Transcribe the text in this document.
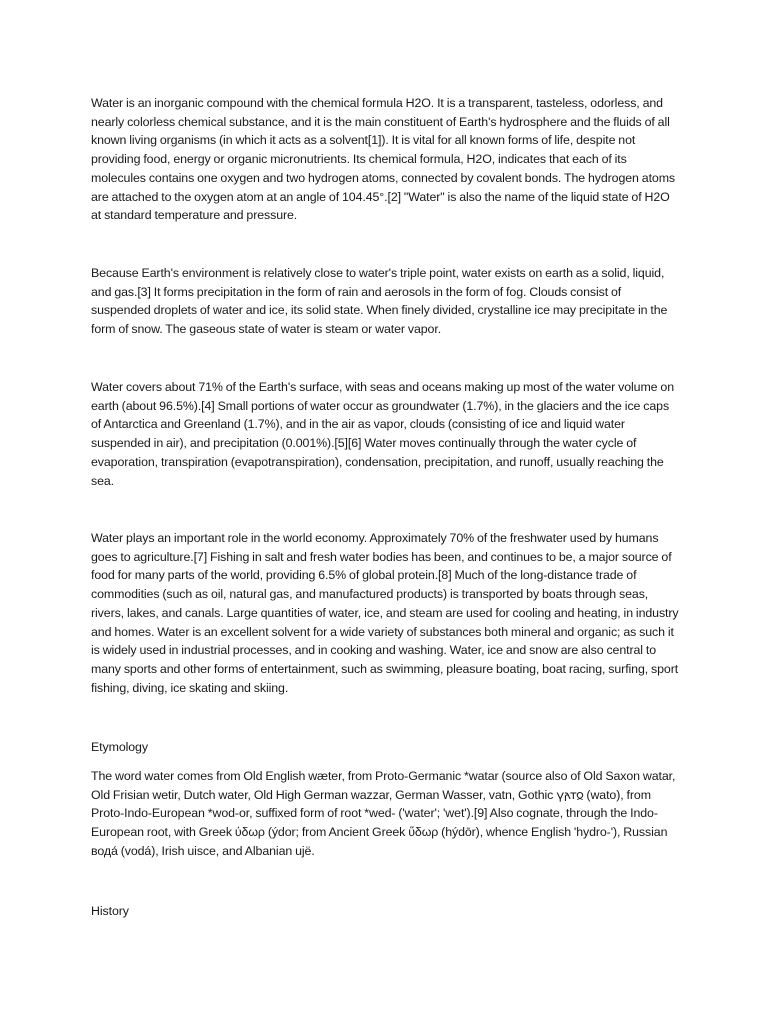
Water is an inorganic compound with the chemical formula H2O. It is a transparent, tasteless, odorless, and nearly colorless chemical substance, and it is the main constituent of Earth's hydrosphere and the fluids of all known living organisms (in which it acts as a solvent[1]). It is vital for all known forms of life, despite not providing food, energy or organic micronutrients. Its chemical formula, H2O, indicates that each of its molecules contains one oxygen and two hydrogen atoms, connected by covalent bonds. The hydrogen atoms are attached to the oxygen atom at an angle of 104.45°.[2] "Water" is also the name of the liquid state of H2O at standard temperature and pressure.

Because Earth's environment is relatively close to water's triple point, water exists on earth as a solid, liquid, and gas.[3] It forms precipitation in the form of rain and aerosols in the form of fog. Clouds consist of suspended droplets of water and ice, its solid state. When finely divided, crystalline ice may precipitate in the form of snow. The gaseous state of water is steam or water vapor.

Water covers about 71% of the Earth's surface, with seas and oceans making up most of the water volume on earth (about 96.5%).[4] Small portions of water occur as groundwater (1.7%), in the glaciers and the ice caps of Antarctica and Greenland (1.7%), and in the air as vapor, clouds (consisting of ice and liquid water suspended in air), and precipitation (0.001%).[5][6] Water moves continually through the water cycle of evaporation, transpiration (evapotranspiration), condensation, precipitation, and runoff, usually reaching the sea.

Water plays an important role in the world economy. Approximately 70% of the freshwater used by humans goes to agriculture.[7] Fishing in salt and fresh water bodies has been, and continues to be, a major source of food for many parts of the world, providing 6.5% of global protein.[8] Much of the long-distance trade of commodities (such as oil, natural gas, and manufactured products) is transported by boats through seas, rivers, lakes, and canals. Large quantities of water, ice, and steam are used for cooling and heating, in industry and homes. Water is an excellent solvent for a wide variety of substances both mineral and organic; as such it is widely used in industrial processes, and in cooking and washing. Water, ice and snow are also central to many sports and other forms of entertainment, such as swimming, pleasure boating, boat racing, surfing, sport fishing, diving, ice skating and skiing.

Etymology

The word water comes from Old English wæter, from Proto-Germanic *watar (source also of Old Saxon watar, Old Frisian wetir, Dutch water, Old High German wazzar, German Wasser, vatn, Gothic 𐍅𐌰𐍄𐍉 (wato), from Proto-Indo-European *wod-or, suffixed form of root *wed- ('water'; 'wet').[9] Also cognate, through the Indo-European root, with Greek ύδωρ (ýdor; from Ancient Greek ὕδωρ (hýdōr), whence English 'hydro-'), Russian вода́ (vodá), Irish uisce, and Albanian ujë.

History
